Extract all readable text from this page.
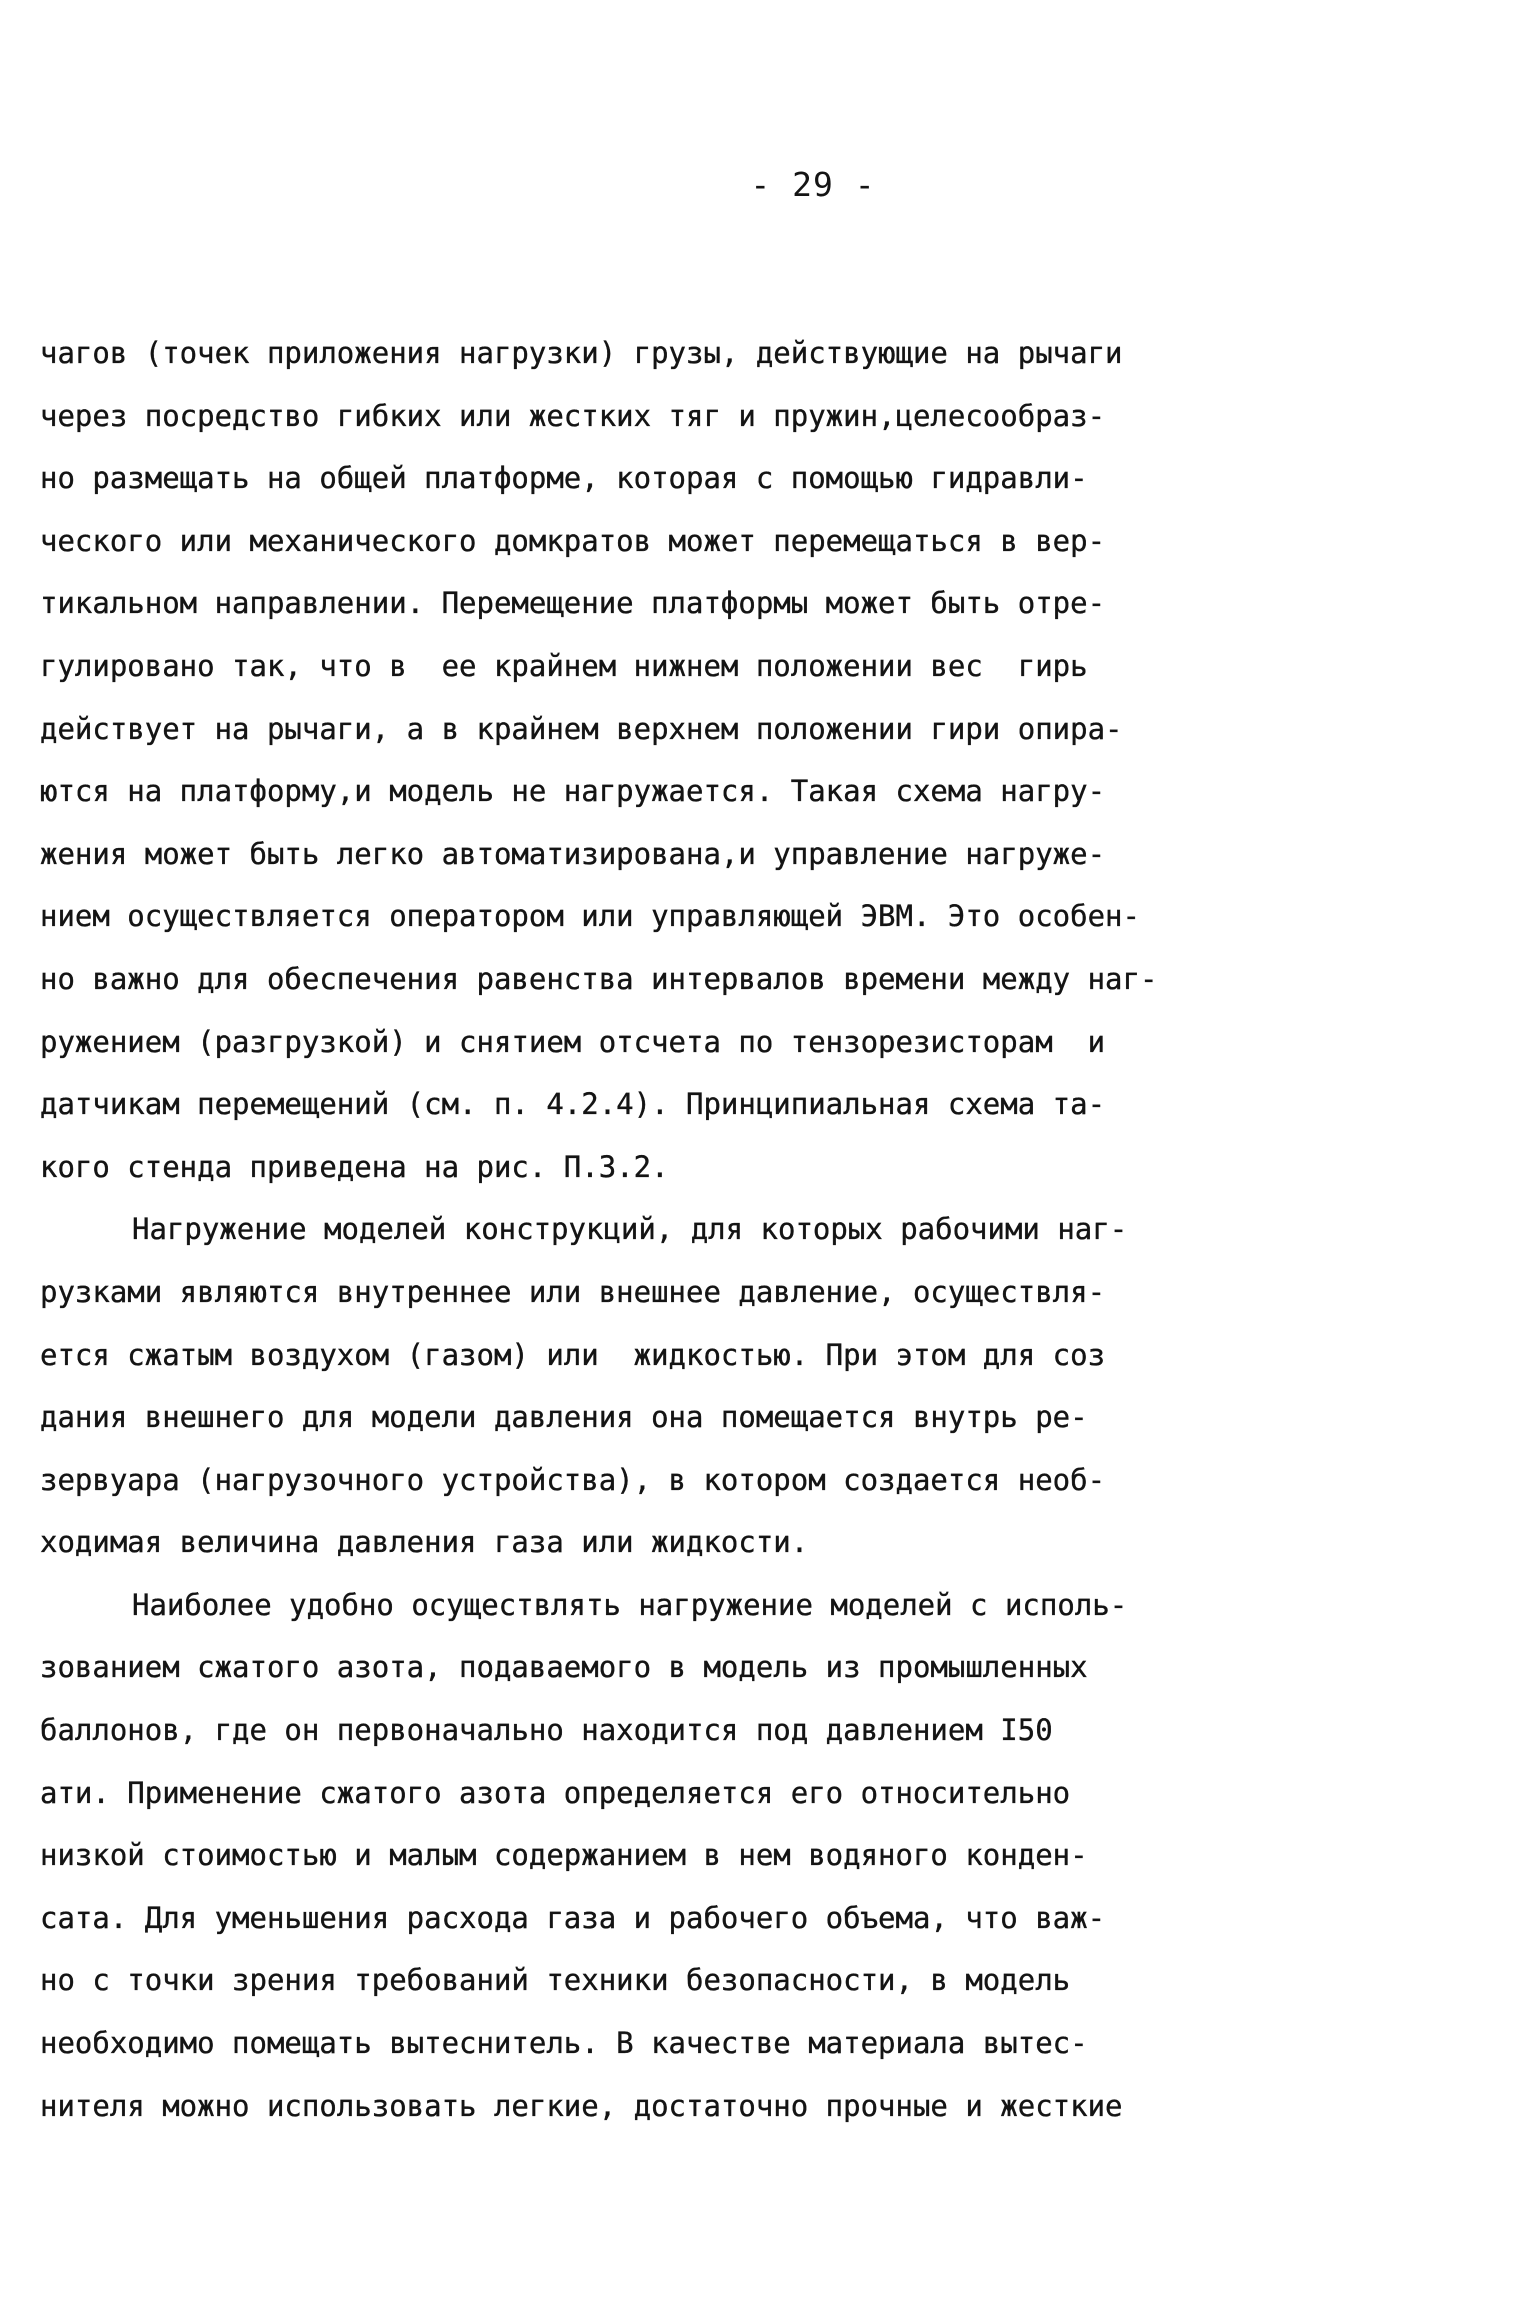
- 29 -
чагов (точек приложения нагрузки) грузы, действующие на рычаги
через посредство гибких или жестких тяг и пружин,целесообраз-
но размещать на общей платформе, которая с помощью гидравли-
ческого или механического домкратов может перемещаться в вер-
тикальном направлении. Перемещение платформы может быть отре-
гулировано так, что в  ее крайнем нижнем положении вес  гирь
действует на рычаги, а в крайнем верхнем положении гири опира-
ются на платформу,и модель не нагружается. Такая схема нагру-
жения может быть легко автоматизирована,и управление нагруже-
нием осуществляется оператором или управляющей ЭВМ. Это особен-
но важно для обеспечения равенства интервалов времени между наг-
ружением (разгрузкой) и снятием отсчета по тензорезисторам  и
датчикам перемещений (см. п. 4.2.4). Принципиальная схема та-
кого стенда приведена на рис. П.3.2.
Нагружение моделей конструкций, для которых рабочими наг-
рузками являются внутреннее или внешнее давление, осуществля-
ется сжатым воздухом (газом) или  жидкостью. При этом для соз
дания внешнего для модели давления она помещается внутрь ре-
зервуара (нагрузочного устройства), в котором создается необ-
ходимая величина давления газа или жидкости.
Наиболее удобно осуществлять нагружение моделей с исполь-
зованием сжатого азота, подаваемого в модель из промышленных
баллонов, где он первоначально находится под давлением I50
ати. Применение сжатого азота определяется его относительно
низкой стоимостью и малым содержанием в нем водяного конден-
сата. Для уменьшения расхода газа и рабочего объема, что важ-
но с точки зрения требований техники безопасности, в модель
необходимо помещать вытеснитель. В качестве материала вытес-
нителя можно использовать легкие, достаточно прочные и жесткие
